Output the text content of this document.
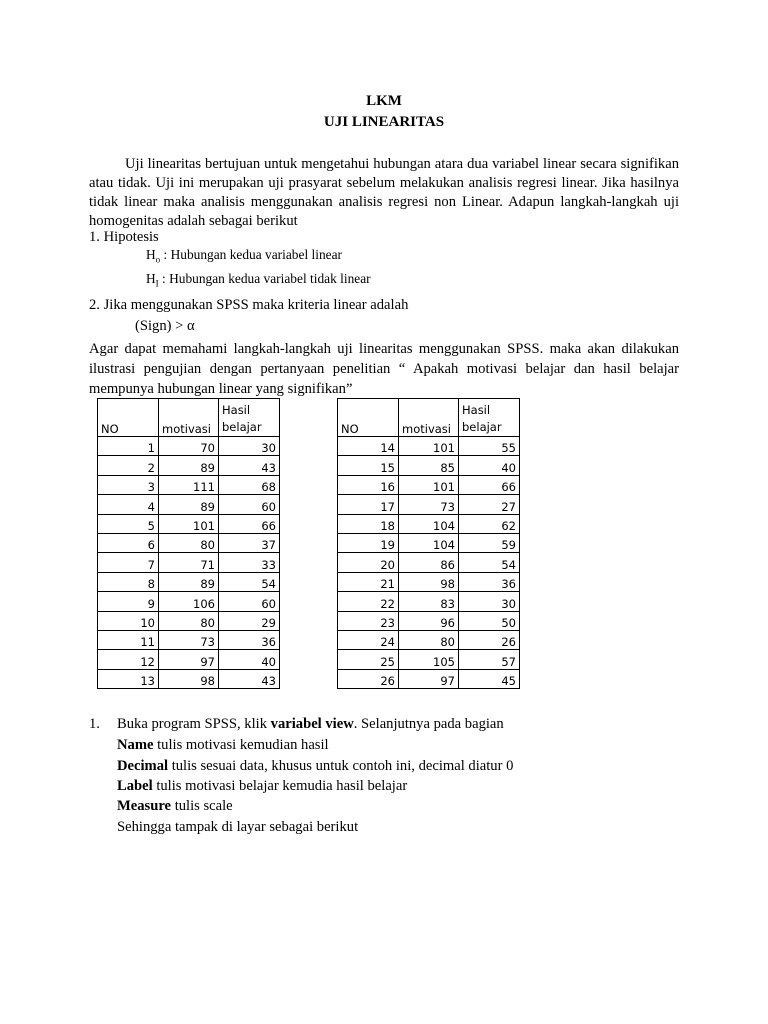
LKM
UJI LINEARITAS
Uji linearitas bertujuan untuk mengetahui hubungan atara dua variabel linear secara signifikan atau tidak. Uji ini merupakan uji prasyarat sebelum melakukan analisis regresi linear. Jika hasilnya tidak linear maka analisis menggunakan analisis regresi non Linear. Adapun langkah-langkah uji homogenitas adalah sebagai berikut
1. Hipotesis
$H_o$ : Hubungan kedua variabel linear
$H_I$ : Hubungan kedua variabel tidak linear
2. Jika menggunakan SPSS maka kriteria linear adalah
(Sign) > α
Agar dapat memahami langkah-langkah uji linearitas menggunakan SPSS. maka akan dilakukan ilustrasi pengujian dengan pertanyaan penelitian “ Apakah motivasi belajar dan hasil belajar mempunya hubungan linear yang signifikan”
NO	motivasi	Hasil
belajar

1	70	30
2	89	43
3	111	68
4	89	60
5	101	66
6	80	37
7	71	33
8	89	54
9	106	60
10	80	29
11	73	36
12	97	40
13	98	43
NO	motivasi	Hasil
belajar

14	101	55
15	85	40
16	101	66
17	73	27
18	104	62
19	104	59
20	86	54
21	98	36
22	83	30
23	96	50
24	80	26
25	105	57
26	97	45
1. Buka program SPSS, klik variabel view. Selanjutnya pada bagian
Name tulis motivasi kemudian hasil
Decimal tulis sesuai data, khusus untuk contoh ini, decimal diatur 0
Label tulis motivasi belajar kemudia hasil belajar
Measure tulis scale
Sehingga tampak di layar sebagai berikut
